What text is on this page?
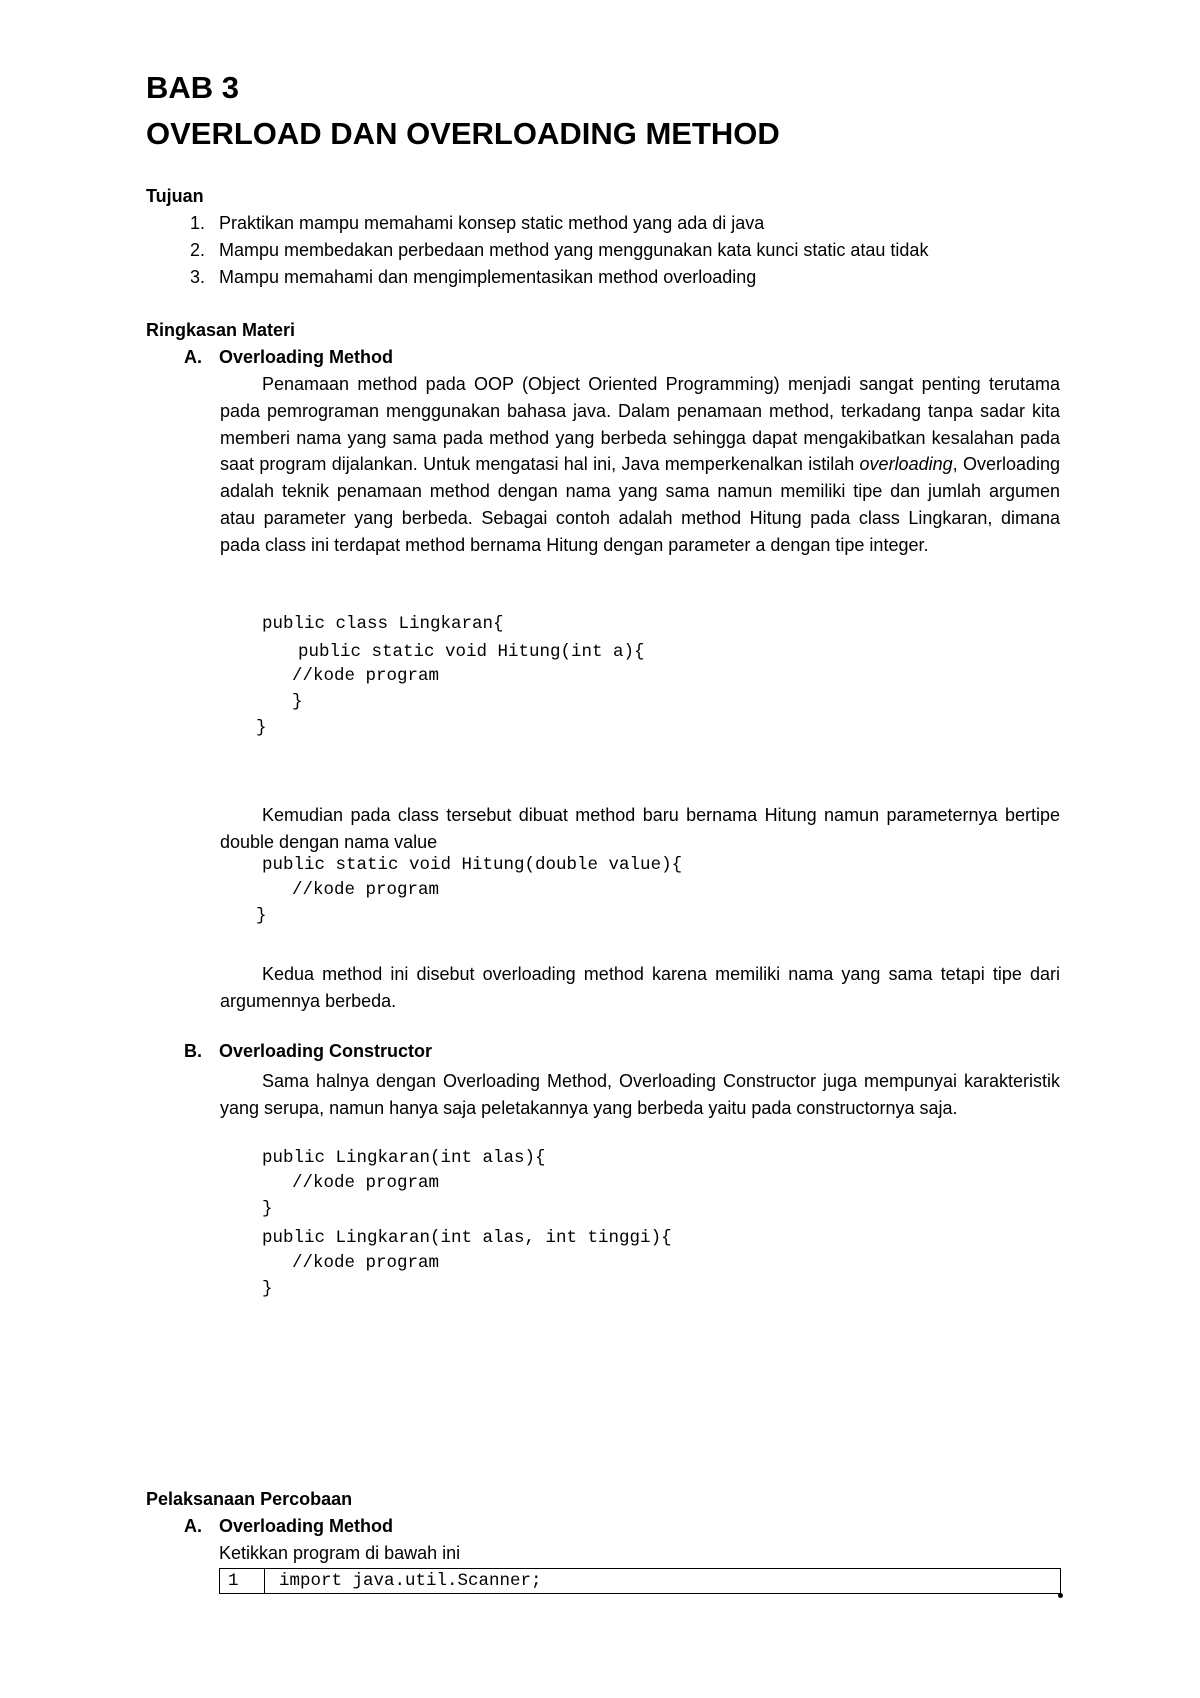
BAB 3
OVERLOAD DAN OVERLOADING METHOD
Tujuan
1. Praktikan mampu memahami konsep static method yang ada di java
2. Mampu membedakan perbedaan method yang menggunakan kata kunci static atau tidak
3. Mampu memahami dan mengimplementasikan method overloading
Ringkasan Materi
A. Overloading Method

Penamaan method pada OOP (Object Oriented Programming) menjadi sangat penting terutama pada pemrograman menggunakan bahasa java. Dalam penamaan method, terkadang tanpa sadar kita memberi nama yang sama pada method yang berbeda sehingga dapat mengakibatkan kesalahan pada saat program dijalankan. Untuk mengatasi hal ini, Java memperkenalkan istilah overloading, Overloading adalah teknik penamaan method dengan nama yang sama namun memiliki tipe dan jumlah argumen atau parameter yang berbeda. Sebagai contoh adalah method Hitung pada class Lingkaran, dimana pada class ini terdapat method bernama Hitung dengan parameter a dengan tipe integer.

public class Lingkaran{
public static void Hitung(int a){
//kode program
}
}

Kemudian pada class tersebut dibuat method baru bernama Hitung namun parameternya bertipe double dengan nama value

public static void Hitung(double value){
//kode program
}

Kedua method ini disebut overloading method karena memiliki nama yang sama tetapi tipe dari argumennya berbeda.

B. Overloading Constructor

Sama halnya dengan Overloading Method, Overloading Constructor juga mempunyai karakteristik yang serupa, namun hanya saja peletakannya yang berbeda yaitu pada constructornya saja.

public Lingkaran(int alas){
//kode program
}
public Lingkaran(int alas, int tinggi){
//kode program
}
Pelaksanaan Percobaan
A. Overloading Method
Ketikkan program di bawah ini
1	import java.util.Scanner;
